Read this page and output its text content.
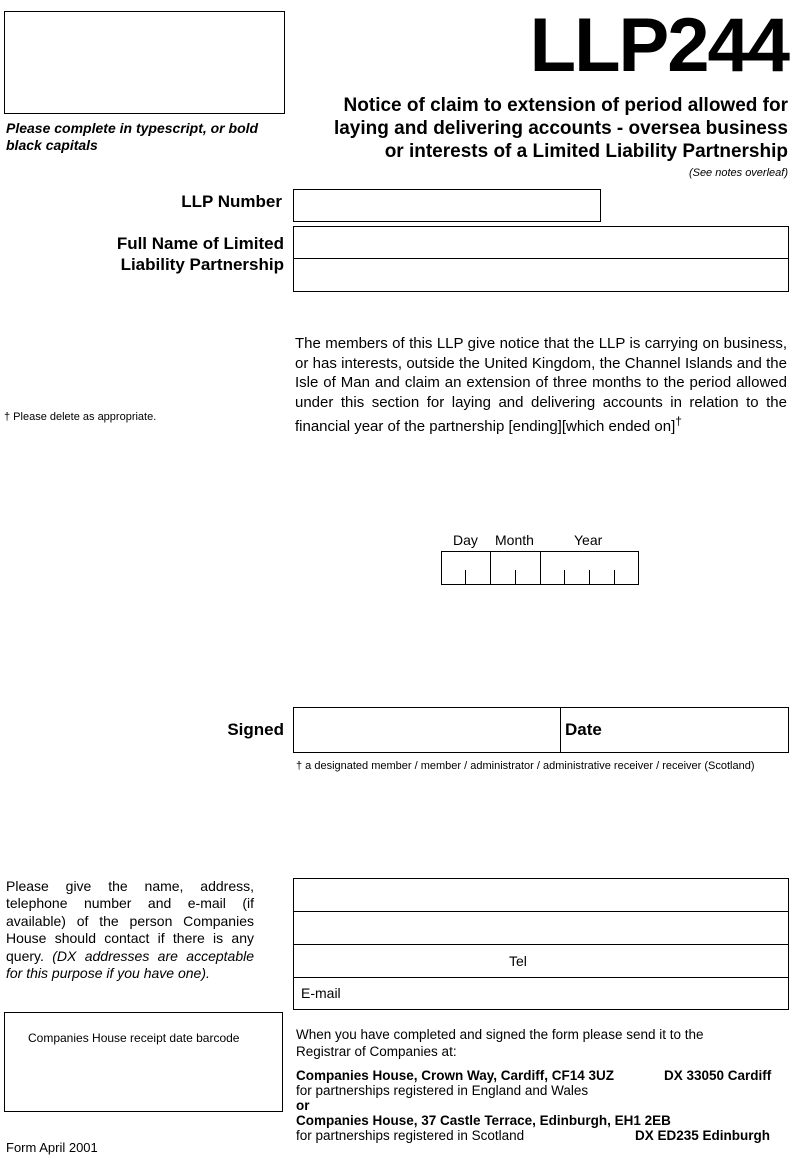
Please complete in typescript, or bold black capitals
LLP244
Notice of claim to extension of period allowed for
laying and delivering accounts - oversea business
or interests of a Limited Liability Partnership
(See notes overleaf)
LLP Number
Full Name of Limited
Liability Partnership
The members of this LLP give notice that the LLP is carrying on business, or has interests, outside the United Kingdom, the Channel Islands and the Isle of Man and claim an extension of three months to the period allowed under this section for laying and delivering accounts in relation to the financial year of the partnership [ending][which ended on]†
† Please delete as appropriate.
Day Month	Year
Signed	Date
† a designated member / member / administrator / administrative receiver / receiver (Scotland)
Please give the name, address, telephone number and e-mail (if available) of the person Companies House should contact if there is any query. (DX addresses are acceptable for this purpose if you have one).
Tel
E-mail
Companies House receipt date barcode
Form April 2001
When you have completed and signed the form please send it to the Registrar of Companies at:
Companies House, Crown Way, Cardiff, CF14 3UZ	DX 33050 Cardiff
for partnerships registered in England and Wales
or
Companies House, 37 Castle Terrace, Edinburgh, EH1 2EB
for partnerships registered in Scotland	DX ED235 Edinburgh
